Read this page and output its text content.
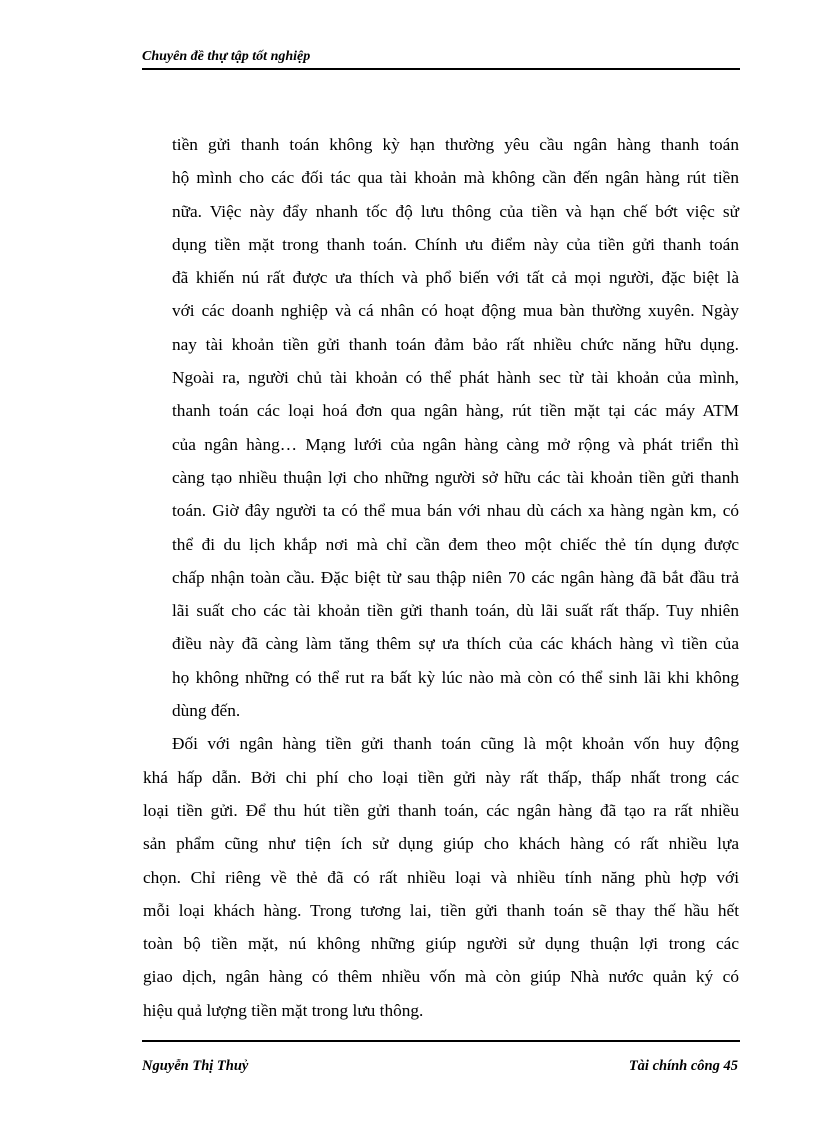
Chuyên đề thự tập tốt nghiệp

tiền gửi thanh toán không kỳ hạn thường yêu cầu ngân hàng thanh toán
hộ mình cho các đối tác qua tài khoản mà không cần đến ngân hàng rút tiền
nữa. Việc này đẩy nhanh tốc độ lưu thông của tiền và hạn chế bớt việc sử
dụng tiền mặt trong thanh toán. Chính ưu điểm này của tiền gửi thanh toán
đã khiến nú rất được ưa thích và phổ biến với tất cả mọi người, đặc biệt là
với các doanh nghiệp và cá nhân có hoạt động mua bàn thường xuyên. Ngày
nay tài khoản tiền gửi thanh toán đảm bảo rất nhiều chức năng hữu dụng.
Ngoài ra, người chủ tài khoản có thể phát hành sec từ tài khoản của mình,
thanh toán các loại hoá đơn qua ngân hàng, rút tiền mặt tại các máy ATM
của ngân hàng… Mạng lưới của ngân hàng càng mở rộng và phát triển thì
càng tạo nhiều thuận lợi cho những người sở hữu các tài khoản tiền gửi thanh
toán. Giờ đây người ta có thể mua bán với nhau dù cách xa hàng ngàn km, có
thể đi du lịch khắp nơi mà chỉ cần đem theo một chiếc thẻ tín dụng được
chấp nhận toàn cầu. Đặc biệt từ sau thập niên 70 các ngân hàng đã bắt đầu trả
lãi suất cho các tài khoản tiền gửi thanh toán, dù lãi suất rất thấp. Tuy nhiên
điều này đã càng làm tăng thêm sự ưa thích của các khách hàng vì tiền của
họ không những có thể rut ra bất kỳ lúc nào mà còn có thể sinh lãi khi không
dùng đến.

Đối với ngân hàng tiền gửi thanh toán cũng là một khoản vốn huy động
khá hấp dẫn. Bởi chi phí cho loại tiền gửi này rất thấp, thấp nhất trong các
loại tiền gửi. Để thu hút tiền gửi thanh toán, các ngân hàng đã tạo ra rất nhiều
sản phẩm cũng như tiện ích sử dụng giúp cho khách hàng có rất nhiều lựa
chọn. Chỉ riêng về thẻ đã có rất nhiều loại và nhiều tính năng phù hợp với
mỗi loại khách hàng. Trong tương lai, tiền gửi thanh toán sẽ thay thế hầu hết
toàn bộ tiền mặt, nú không những giúp người sử dụng thuận lợi trong các
giao dịch, ngân hàng có thêm nhiều vốn mà còn giúp Nhà nước quản ký có
hiệu quả lượng tiền mặt trong lưu thông.

Nguyễn Thị Thuỷ	Tài chính công 45
